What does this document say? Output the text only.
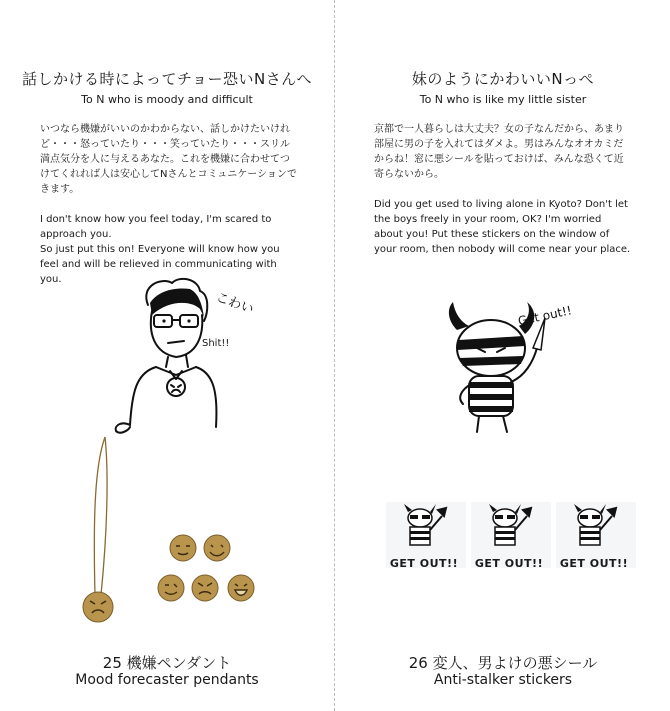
話しかける時によってチョー恐いNさんへ
To N who is moody and difficult

いつなら機嫌がいいのかわからない、話しかけたいけれど・・・怒っていたり・・・笑っていたり・・・スリル満点気分を人に与えるあなた。これを機嫌に合わせてつけてくれれば人は安心してNさんとコミュニケーションできます。

I don't know how you feel today, I'm scared to approach you.

So just put this on! Everyone will know how you feel and will be relieved in communicating with you.

こわい
Shit!!
25 機嫌ペンダント
Mood forecaster pendants
妹のようにかわいいNっぺ
To N who is like my little sister

京都で一人暮らしは大丈夫？女の子なんだから、あまり部屋に男の子を入れてはダメよ。男はみんなオオカミだからね！窓に悪シールを貼っておけば、みんな恐くて近寄らないから。

Did you get used to living alone in Kyoto? Don't let the boys freely in your room, OK? I'm worried about you! Put these stickers on the window of your room, then nobody will come near your place.

Get out!!
GET OUT!!	GET OUT!!	GET OUT!!
26 変人、男よけの悪シール
Anti-stalker stickers
